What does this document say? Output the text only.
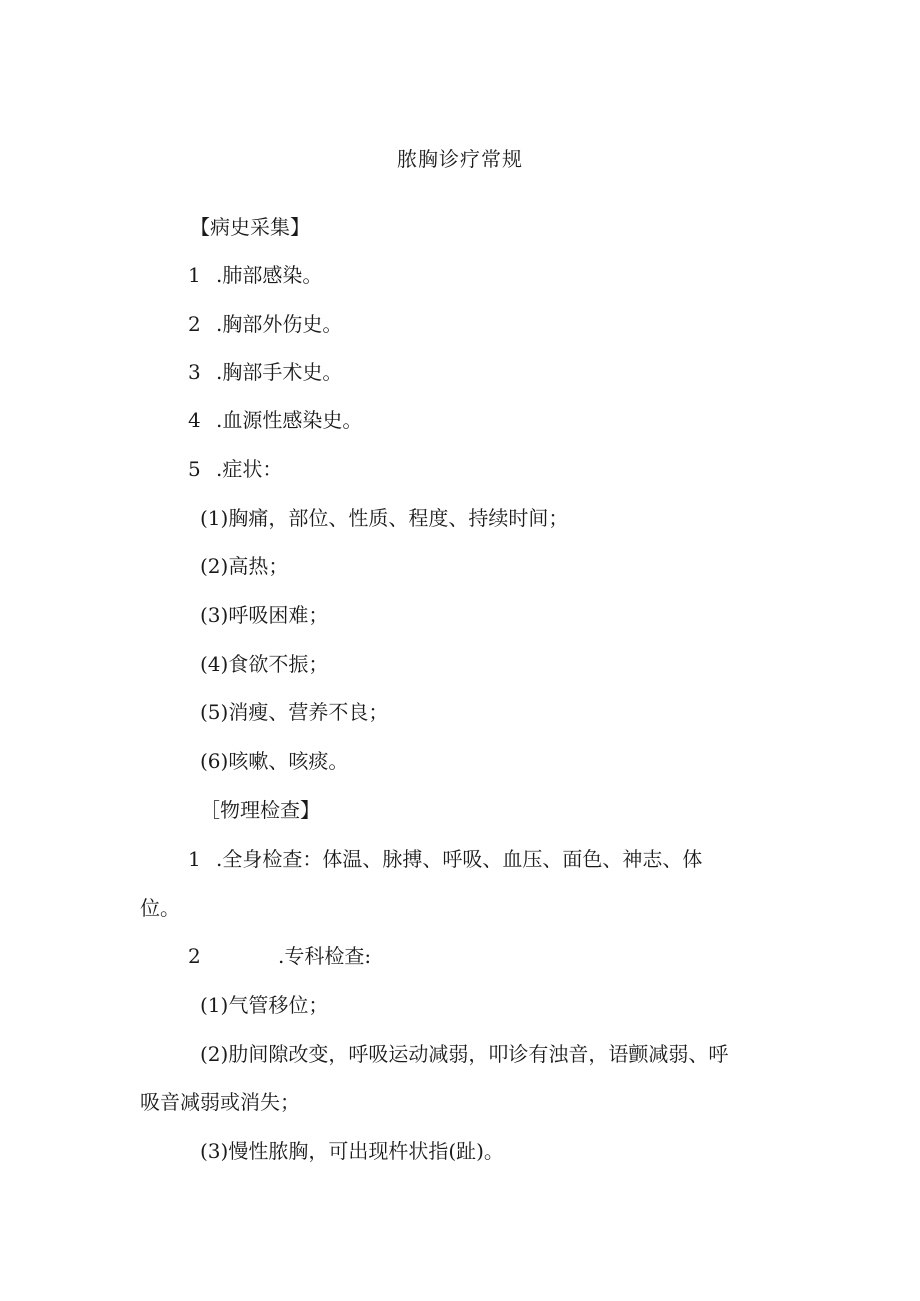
脓胸诊疗常规
【病史采集】
1 .肺部感染。
2 .胸部外伤史。
3 .胸部手术史。
4 .血源性感染史。
5 .症状：
(1)胸痛，部位、性质、程度、持续时间；
(2)高热；
(3)呼吸困难；
(4)食欲不振；
(5)消瘦、营养不良；
(6)咳嗽、咳痰。
［物理检查】
1 .全身检查：体温、脉搏、呼吸、血压、面色、神志、体
位。
2	.专科检查:
(1)气管移位；
(2)肋间隙改变，呼吸运动减弱，叩诊有浊音，语颤减弱、呼
吸音减弱或消失；
(3)慢性脓胸，可出现杵状指(趾)。
